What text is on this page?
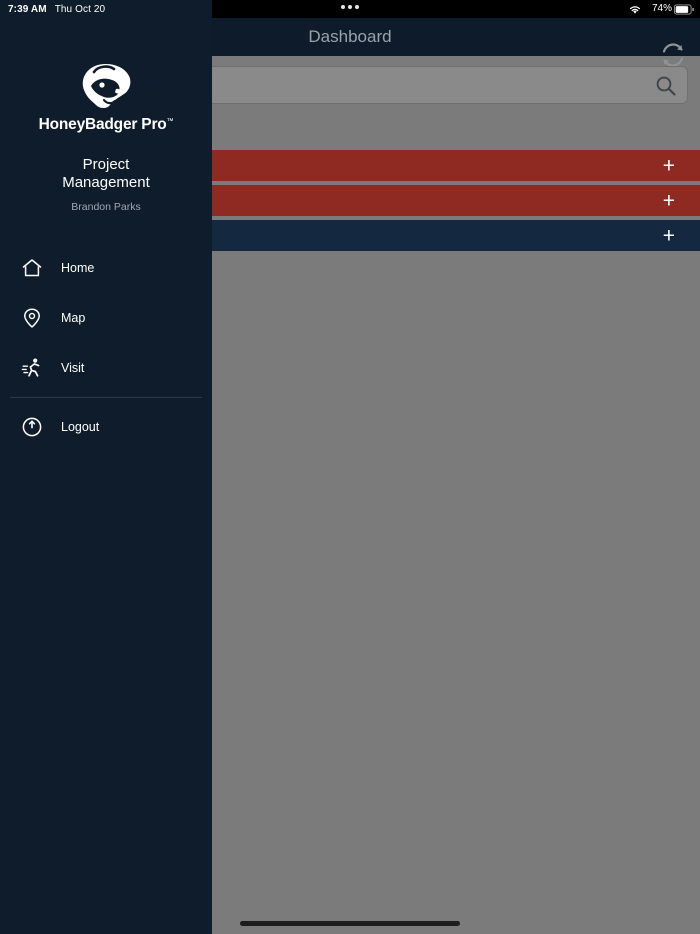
74%
Dashboard
+
+
+
7:39 AM Thu Oct 20
HoneyBadger Pro™
Project
Management
Brandon Parks
Home
Map
Visit
Logout
